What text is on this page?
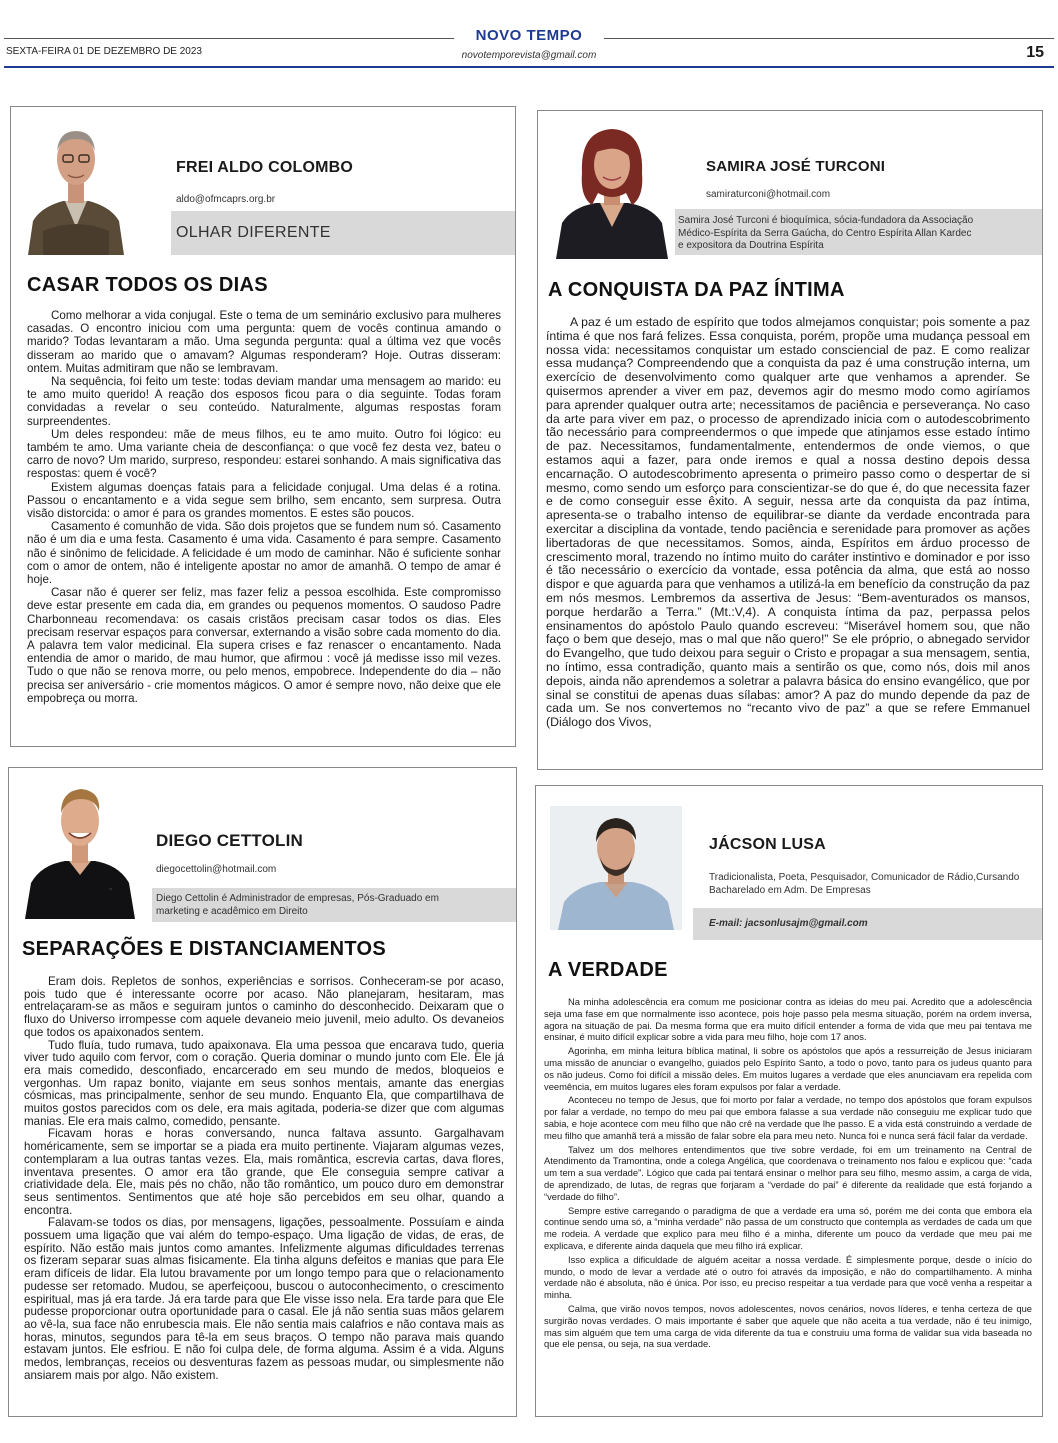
NOVO TEMPO
SEXTA-FEIRA 01 DE DEZEMBRO DE 2023	novotemporevista@gmail.com	15
FREI ALDO COLOMBO
aldo@ofmcaprs.org.br
OLHAR DIFERENTE
CASAR TODOS OS DIAS

Como melhorar a vida conjugal. Este o tema de um seminário exclusivo para mulheres casadas. O encontro iniciou com uma pergunta: quem de vocês continua amando o marido? Todas levantaram a mão. Uma segunda pergunta: qual a última vez que vocês disseram ao marido que o amavam? Algumas responderam? Hoje. Outras disseram: ontem. Muitas admitiram que não se lembravam.

Na sequência, foi feito um teste: todas deviam mandar uma mensagem ao marido: eu te amo muito querido! A reação dos esposos ficou para o dia seguinte. Todas foram convidadas a revelar o seu conteúdo. Naturalmente, algumas respostas foram surpreendentes.

Um deles respondeu: mãe de meus filhos, eu te amo muito. Outro foi lógico: eu também te amo. Uma variante cheia de desconfiança: o que você fez desta vez, bateu o carro de novo? Um marido, surpreso, respondeu: estarei sonhando. A mais significativa das respostas: quem é você?

Existem algumas doenças fatais para a felicidade conjugal. Uma delas é a rotina. Passou o encantamento e a vida segue sem brilho, sem encanto, sem surpresa. Outra visão distorcida: o amor é para os grandes momentos. E estes são poucos.

Casamento é comunhão de vida. São dois projetos que se fundem num só. Casamento não é um dia e uma festa. Casamento é uma vida. Casamento é para sempre. Casamento não é sinônimo de felicidade. A felicidade é um modo de caminhar. Não é suficiente sonhar com o amor de ontem, não é inteligente apostar no amor de amanhã. O tempo de amar é hoje.

Casar não é querer ser feliz, mas fazer feliz a pessoa escolhida. Este compromisso deve estar presente em cada dia, em grandes ou pequenos momentos. O saudoso Padre Charbonneau recomendava: os casais cristãos precisam casar todos os dias. Eles precisam reservar espaços para conversar, externando a visão sobre cada momento do dia. A palavra tem valor medicinal. Ela supera crises e faz renascer o encantamento. Nada entendia de amor o marido, de mau humor, que afirmou : você já medisse isso mil vezes. Tudo o que não se renova morre, ou pelo menos, empobrece. Independente do dia – não precisa ser aniversário - crie momentos mágicos. O amor é sempre novo, não deixe que ele empobreça ou morra.

SAMIRA JOSÉ TURCONI
samiraturconi@hotmail.com
Samira José Turconi é bioquímica, sócia-fundadora da Associação Médico-Espírita da Serra Gaúcha, do Centro Espírita Allan Kardec e expositora da Doutrina Espírita
A CONQUISTA DA PAZ ÍNTIMA

A paz é um estado de espírito que todos almejamos conquistar; pois somente a paz íntima é que nos fará felizes. Essa conquista, porém, propõe uma mudança pessoal em nossa vida: necessitamos conquistar um estado consciencial de paz. E como realizar essa mudança? Compreendendo que a conquista da paz é uma construção interna, um exercício de desenvolvimento como qualquer arte que venhamos a aprender. Se quisermos aprender a viver em paz, devemos agir do mesmo modo como agiríamos para aprender qualquer outra arte; necessitamos de paciência e perseverança. No caso da arte para viver em paz, o processo de aprendizado inicia com o autodescobrimento tão necessário para compreendermos o que impede que atinjamos esse estado íntimo de paz. Necessitamos, fundamentalmente, entendermos de onde viemos, o que estamos aqui a fazer, para onde iremos e qual a nossa destino depois dessa encarnação. O autodescobrimento apresenta o primeiro passo como o despertar de si mesmo, como sendo um esforço para conscientizar-se do que é, do que necessita fazer e de como conseguir esse êxito. A seguir, nessa arte da conquista da paz íntima, apresenta-se o trabalho intenso de equilibrar-se diante da verdade encontrada para exercitar a disciplina da vontade, tendo paciência e serenidade para promover as ações libertadoras de que necessitamos. Somos, ainda, Espíritos em árduo processo de crescimento moral, trazendo no íntimo muito do caráter instintivo e dominador e por isso é tão necessário o exercício da vontade, essa potência da alma, que está ao nosso dispor e que aguarda para que venhamos a utilizá-la em benefício da construção da paz em nós mesmos. Lembremos da assertiva de Jesus: “Bem-aventurados os mansos, porque herdarão a Terra.” (Mt.:V,4). A conquista íntima da paz, perpassa pelos ensinamentos do apóstolo Paulo quando escreveu: “Miserável homem sou, que não faço o bem que desejo, mas o mal que não quero!” Se ele próprio, o abnegado servidor do Evangelho, que tudo deixou para seguir o Cristo e propagar a sua mensagem, sentia, no íntimo, essa contradição, quanto mais a sentirão os que, como nós, dois mil anos depois, ainda não aprendemos a soletrar a palavra básica do ensino evangélico, que por sinal se constitui de apenas duas sílabas: amor? A paz do mundo depende da paz de cada um. Se nos convertemos no “recanto vivo de paz” a que se refere Emmanuel (Diálogo dos Vivos,

~
DIEGO CETTOLIN
diegocettolin@hotmail.com
Diego Cettolin é Administrador de empresas, Pós-Graduado em marketing e acadêmico em Direito
SEPARAÇÕES E DISTANCIAMENTOS

Eram dois. Repletos de sonhos, experiências e sorrisos. Conheceram-se por acaso, pois tudo que é interessante ocorre por acaso. Não planejaram, hesitaram, mas entrelaçaram-se as mãos e seguiram juntos o caminho do desconhecido. Deixaram que o fluxo do Universo irrompesse com aquele devaneio meio juvenil, meio adulto. Os devaneios que todos os apaixonados sentem.

Tudo fluía, tudo rumava, tudo apaixonava. Ela uma pessoa que encarava tudo, queria viver tudo aquilo com fervor, com o coração. Queria dominar o mundo junto com Ele. Ele já era mais comedido, desconfiado, encarcerado em seu mundo de medos, bloqueios e vergonhas. Um rapaz bonito, viajante em seus sonhos mentais, amante das energias cósmicas, mas principalmente, senhor de seu mundo. Enquanto Ela, que compartilhava de muitos gostos parecidos com os dele, era mais agitada, poderia-se dizer que com algumas manias. Ele era mais calmo, comedido, pensante.

Ficavam horas e horas conversando, nunca faltava assunto. Gargalhavam homéricamente, sem se importar se a piada era muito pertinente. Viajaram algumas vezes, contemplaram a lua outras tantas vezes. Ela, mais romântica, escrevia cartas, dava flores, inventava presentes. O amor era tão grande, que Ele conseguia sempre cativar a criatividade dela. Ele, mais pés no chão, não tão romântico, um pouco duro em demonstrar seus sentimentos. Sentimentos que até hoje são percebidos em seu olhar, quando a encontra.

Falavam-se todos os dias, por mensagens, ligações, pessoalmente. Possuíam e ainda possuem uma ligação que vai além do tempo-espaço. Uma ligação de vidas, de eras, de espírito. Não estão mais juntos como amantes. Infelizmente algumas dificuldades terrenas os fizeram separar suas almas fisicamente. Ela tinha alguns defeitos e manias que para Ele eram difíceis de lidar. Ela lutou bravamente por um longo tempo para que o relacionamento pudesse ser retomado. Mudou, se aperfeiçoou, buscou o autoconhecimento, o crescimento espiritual, mas já era tarde. Já era tarde para que Ele visse isso nela. Era tarde para que Ele pudesse proporcionar outra oportunidade para o casal. Ele já não sentia suas mãos gelarem ao vê-la, sua face não enrubescia mais. Ele não sentia mais calafrios e não contava mais as horas, minutos, segundos para tê-la em seus braços. O tempo não parava mais quando estavam juntos. Ele esfriou. E não foi culpa dele, de forma alguma. Assim é a vida. Alguns medos, lembranças, receios ou desventuras fazem as pessoas mudar, ou simplesmente não ansiarem mais por algo. Não existem.

JÁCSON LUSA
Tradicionalista, Poeta, Pesquisador, Comunicador de Rádio,Cursando Bacharelado em Adm. De Empresas
E-mail: jacsonlusajm@gmail.com
A VERDADE

Na minha adolescência era comum me posicionar contra as ideias do meu pai. Acredito que a adolescência seja uma fase em que normalmente isso acontece, pois hoje passo pela mesma situação, porém na ordem inversa, agora na situação de pai. Da mesma forma que era muito difícil entender a forma de vida que meu pai tentava me ensinar, é muito difícil explicar sobre a vida para meu filho, hoje com 17 anos.

Agorinha, em minha leitura bíblica matinal, li sobre os apóstolos que após a ressurreição de Jesus iniciaram uma missão de anunciar o evangelho, guiados pelo Espírito Santo, a todo o povo, tanto para os judeus quanto para os não judeus. Como foi difícil a missão deles. Em muitos lugares a verdade que eles anunciavam era repelida com veemência, em muitos lugares eles foram expulsos por falar a verdade.

Aconteceu no tempo de Jesus, que foi morto por falar a verdade, no tempo dos apóstolos que foram expulsos por falar a verdade, no tempo do meu pai que embora falasse a sua verdade não conseguiu me explicar tudo que sabia, e hoje acontece com meu filho que não crê na verdade que lhe passo. E a vida está construindo a verdade de meu filho que amanhã terá a missão de falar sobre ela para meu neto. Nunca foi e nunca será fácil falar da verdade.

Talvez um dos melhores entendimentos que tive sobre verdade, foi em um treinamento na Central de Atendimento da Tramontina, onde a colega Angélica, que coordenava o treinamento nos falou e explicou que: “cada um tem a sua verdade”. Lógico que cada pai tentará ensinar o melhor para seu filho, mesmo assim, a carga de vida, de aprendizado, de lutas, de regras que forjaram a “verdade do pai” é diferente da realidade que está forjando a “verdade do filho”.

Sempre estive carregando o paradigma de que a verdade era uma só, porém me dei conta que embora ela continue sendo uma só, a “minha verdade” não passa de um constructo que contempla as verdades de cada um que me rodeia. A verdade que explico para meu filho é a minha, diferente um pouco da verdade que meu pai me explicava, e diferente ainda daquela que meu filho irá explicar.

Isso explica a dificuldade de alguém aceitar a nossa verdade. É simplesmente porque, desde o início do mundo, o modo de levar a verdade até o outro foi através da imposição, e não do compartilhamento. A minha verdade não é absoluta, não é única. Por isso, eu preciso respeitar a tua verdade para que você venha a respeitar a minha.

Calma, que virão novos tempos, novos adolescentes, novos cenários, novos líderes, e tenha certeza de que surgirão novas verdades. O mais importante é saber que aquele que não aceita a tua verdade, não é teu inimigo, mas sim alguém que tem uma carga de vida diferente da tua e construiu uma forma de validar sua vida baseada no que ele pensa, ou seja, na sua verdade.
